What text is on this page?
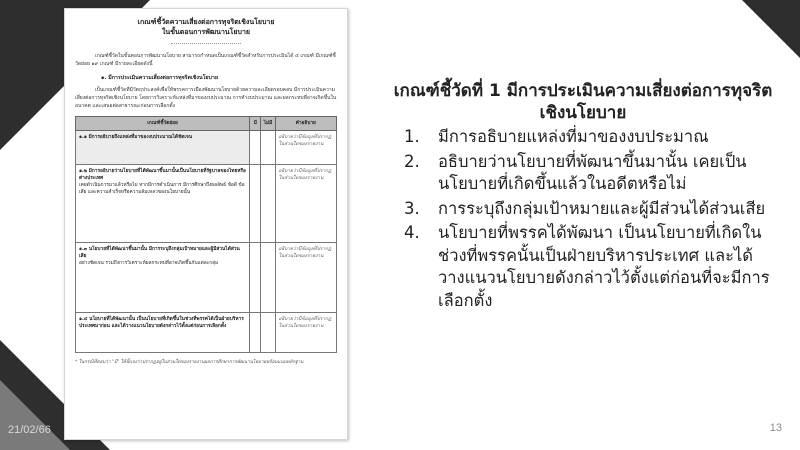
เกณฑ์ชี้วัดความเสี่ยงต่อการทุจริตเชิงนโยบาย
ในขั้นตอนการพัฒนานโยบาย

เกณฑ์ชี้วัดในขั้นตอนการพัฒนานโยบาย สามารถกำหนดเป็นเกณฑ์ชี้วัดสำหรับการประเมินได้ ๔ เกณฑ์ มีเกณฑ์ชี้วัดย่อย ๑๙ เกณฑ์ มีรายละเอียดดังนี้

๑. มีการประเมินความเสี่ยงต่อการทุจริตเชิงนโยบาย

เป็นเกณฑ์ชี้วัดที่มีวัตถุประสงค์เพื่อให้พรรคการเมืองพัฒนานโยบายด้วยความละเอียดรอบคอบ มีการประเมินความเสี่ยงต่อการทุจริตเชิงนโยบาย โดยการวิเคราะห์แหล่งที่มาของงบประมาณ การทำงบประมาณ และผลกระทบที่อาจเกิดขึ้นในอนาคต และเสนอต่อสาธารณะก่อนการเลือกตั้ง

เกณฑ์ชี้วัดย่อย	มี	ไม่มี	คำอธิบาย

๑.๑ มีการอธิบายถึงแหล่งที่มาของงบประมาณได้ชัดเจน			อธิบายว่ามีข้อมูลที่ปรากฏในส่วนใดของรายงาน

๑.๒ มีการอธิบายว่านโยบายที่ได้พัฒนาขึ้นมานั้นเป็นนโยบายที่รัฐบาลของไทยหรือต่างประเทศ
เคยดำเนินการมาแล้วหรือไม่ หากมีการดำเนินการ มีการศึกษาถึงผลลัพธ์ ข้อดี ข้อเสีย และความสำเร็จหรือความล้มเหลวของนโยบายนั้น			อธิบายว่ามีข้อมูลที่ปรากฏในส่วนใดของรายงาน

๑.๓ นโยบายที่ได้พัฒนาขึ้นมานั้น มีการระบุถึงกลุ่มเป้าหมายและผู้มีส่วนได้ส่วนเสีย
อย่างชัดเจน รวมถึงการวิเคราะห์ผลกระทบที่อาจเกิดขึ้นกับแต่ละกลุ่ม			อธิบายว่ามีข้อมูลที่ปรากฏในส่วนใดของรายงาน

๑.๔ นโยบายที่ได้พัฒนานั้น เป็นนโยบายที่เกิดขึ้นในช่วงที่พรรคได้เป็นฝ่ายบริหารประเทศมาก่อน และได้วางแนวนโยบายดังกล่าวไว้ตั้งแต่ก่อนการเลือกตั้ง			อธิบายว่ามีข้อมูลที่ปรากฏในส่วนใดของรายงาน

* ในกรณีที่ตอบว่า "มี" ให้ชี้แจงว่าปรากฏอยู่ในส่วนใดของรายงานผลการศึกษาการพัฒนานโยบายพร้อมแนบหลักฐาน

เกณฑ์ชี้วัดที่ 1 มีการประเมินความเสี่ยงต่อการทุจริตเชิงนโยบาย
1. มีการอธิบายแหล่งที่มาของงบประมาณ
2. อธิบายว่านโยบายที่พัฒนาขึ้นมานั้น เคยเป็นนโยบายที่เกิดขึ้นแล้วในอดีตหรือไม่
3. การระบุถึงกลุ่มเป้าหมายและผู้มีส่วนได้ส่วนเสีย
4. นโยบายที่พรรคได้พัฒนา เป็นนโยบายที่เกิดในช่วงที่พรรคนั้นเป็นฝ่ายบริหารประเทศ และได้วางแนวนโยบายดังกล่าวไว้ตั้งแต่ก่อนที่จะมีการเลือกตั้ง
21/02/66	13
